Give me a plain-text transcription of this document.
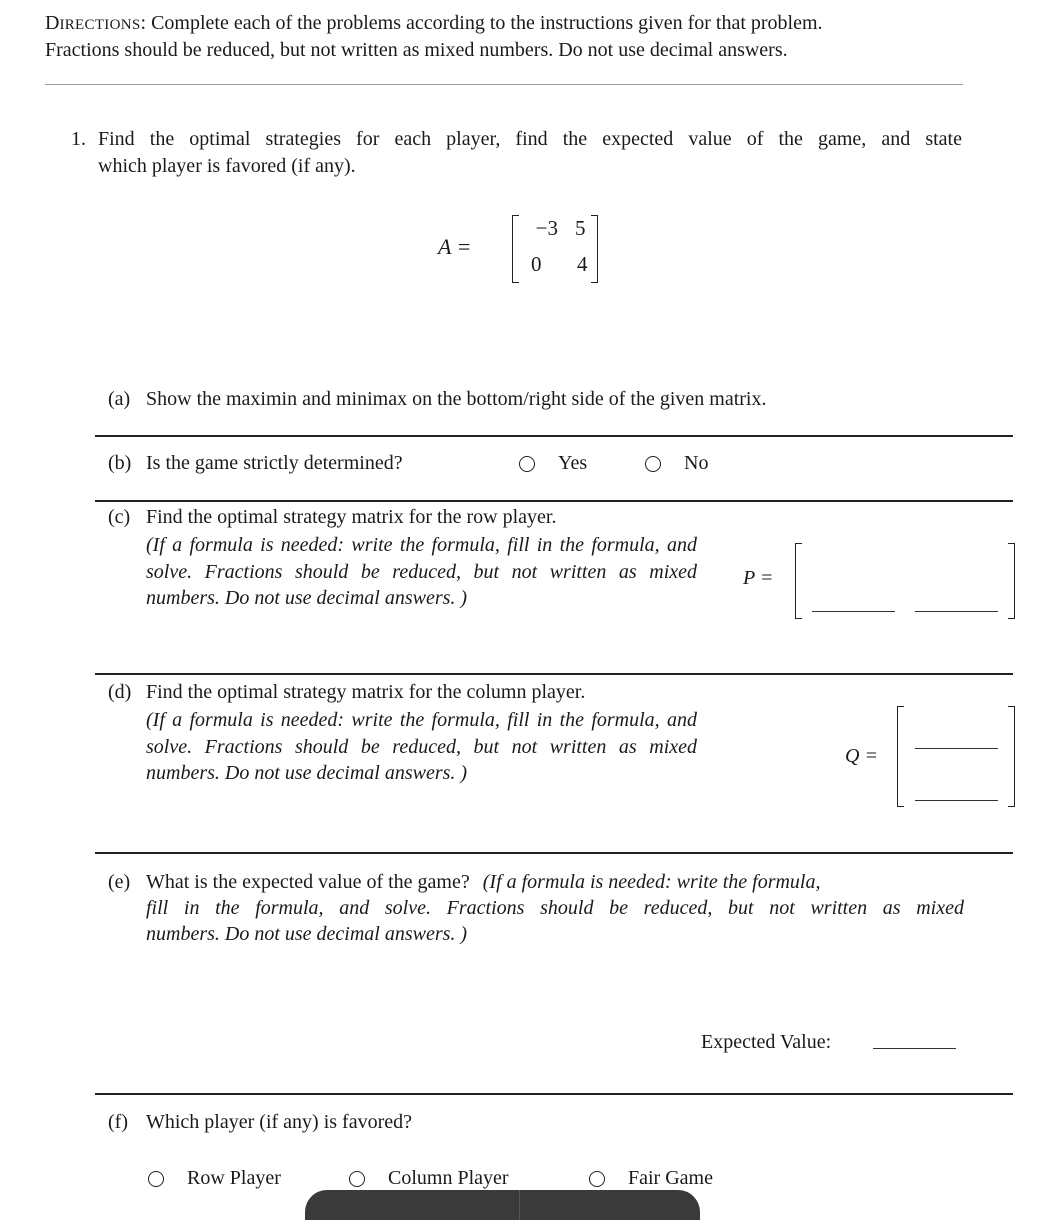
DIRECTIONS: Complete each of the problems according to the instructions given for that problem.
Fractions should be reduced, but not written as mixed numbers. Do not use decimal answers.
1. Find the optimal strategies for each player, find the expected value of the game, and state
which player is favored (if any).
A =
−3 5
0 4
(a) Show the maximin and minimax on the bottom/right side of the given matrix.
(b) Is the game strictly determined?	Yes	No
(c) Find the optimal strategy matrix for the row player.
(If a formula is needed: write the formula, fill in the formula, and solve. Fractions should be reduced, but not written as mixed numbers. Do not use decimal answers. )
P =
(d) Find the optimal strategy matrix for the column player.
(If a formula is needed: write the formula, fill in the formula, and solve. Fractions should be reduced, but not written as mixed numbers. Do not use decimal answers. )
Q =
(e) What is the expected value of the game? (If a formula is needed: write the formula,
fill in the formula, and solve. Fractions should be reduced, but not written as mixed
numbers. Do not use decimal answers. )
Expected Value:
(f) Which player (if any) is favored?
Row Player	Column Player	Fair Game
